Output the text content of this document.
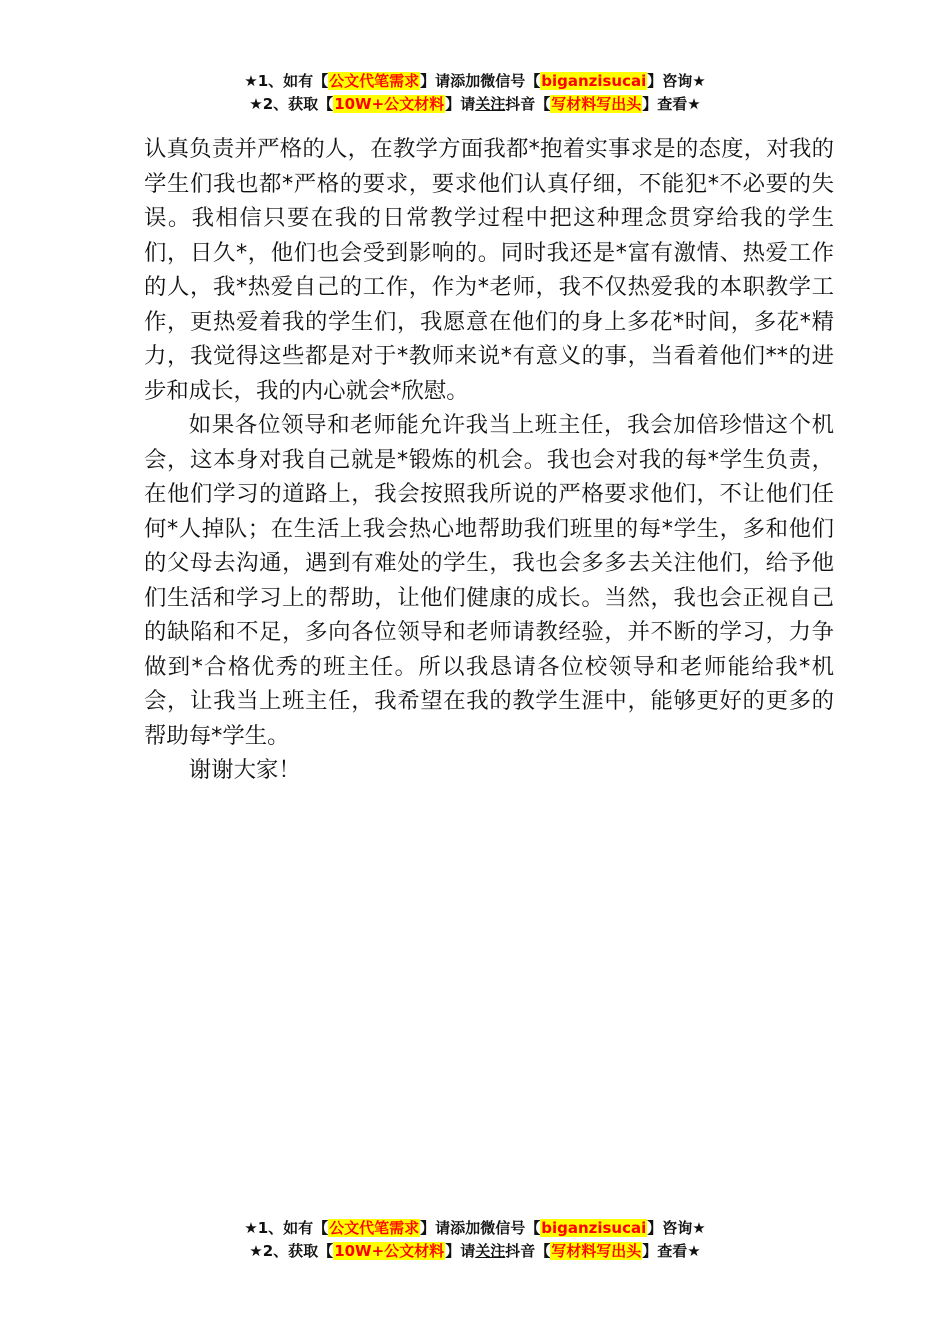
★1、如有【公文代笔需求】请添加微信号【biganzisucai】咨询★
★2、获取【10W+公文材料】请关注抖音【写材料写出头】查看★

认真负责并严格的人，在教学方面我都*抱着实事求是的态度，对我的学生们我也都*严格的要求，要求他们认真仔细，不能犯*不必要的失误。我相信只要在我的日常教学过程中把这种理念贯穿给我的学生们，日久*，他们也会受到影响的。同时我还是*富有激情、热爱工作的人，我*热爱自己的工作，作为*老师，我不仅热爱我的本职教学工作，更热爱着我的学生们，我愿意在他们的身上多花*时间，多花*精力，我觉得这些都是对于*教师来说*有意义的事，当看着他们**的进步和成长，我的内心就会*欣慰。

如果各位领导和老师能允许我当上班主任，我会加倍珍惜这个机会，这本身对我自己就是*锻炼的机会。我也会对我的每*学生负责，在他们学习的道路上，我会按照我所说的严格要求他们，不让他们任何*人掉队；在生活上我会热心地帮助我们班里的每*学生，多和他们的父母去沟通，遇到有难处的学生，我也会多多去关注他们，给予他们生活和学习上的帮助，让他们健康的成长。当然，我也会正视自己的缺陷和不足，多向各位领导和老师请教经验，并不断的学习，力争做到*合格优秀的班主任。所以我恳请各位校领导和老师能给我*机会，让我当上班主任，我希望在我的教学生涯中，能够更好的更多的帮助每*学生。

谢谢大家！

★1、如有【公文代笔需求】请添加微信号【biganzisucai】咨询★
★2、获取【10W+公文材料】请关注抖音【写材料写出头】查看★
